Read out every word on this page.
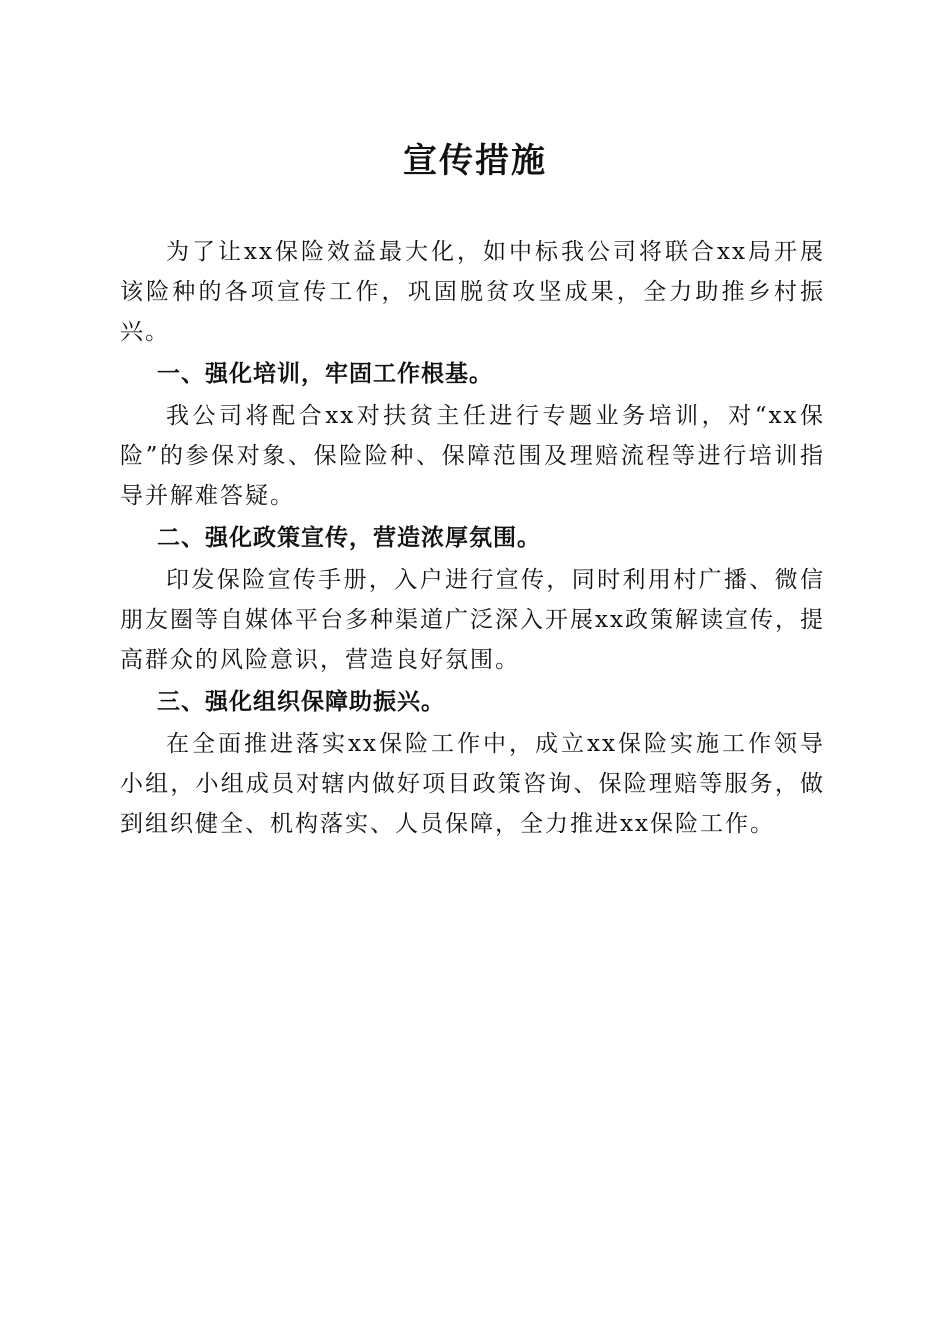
宣传措施

为了让xx保险效益最大化，如中标我公司将联合xx局开展该险种的各项宣传工作，巩固脱贫攻坚成果，全力助推乡村振兴。

一、强化培训，牢固工作根基。

我公司将配合xx对扶贫主任进行专题业务培训，对“xx保险”的参保对象、保险险种、保障范围及理赔流程等进行培训指导并解难答疑。

二、强化政策宣传，营造浓厚氛围。

印发保险宣传手册，入户进行宣传，同时利用村广播、微信朋友圈等自媒体平台多种渠道广泛深入开展xx政策解读宣传，提高群众的风险意识，营造良好氛围。

三、强化组织保障助振兴。

在全面推进落实xx保险工作中，成立xx保险实施工作领导小组，小组成员对辖内做好项目政策咨询、保险理赔等服务，做到组织健全、机构落实、人员保障，全力推进xx保险工作。
